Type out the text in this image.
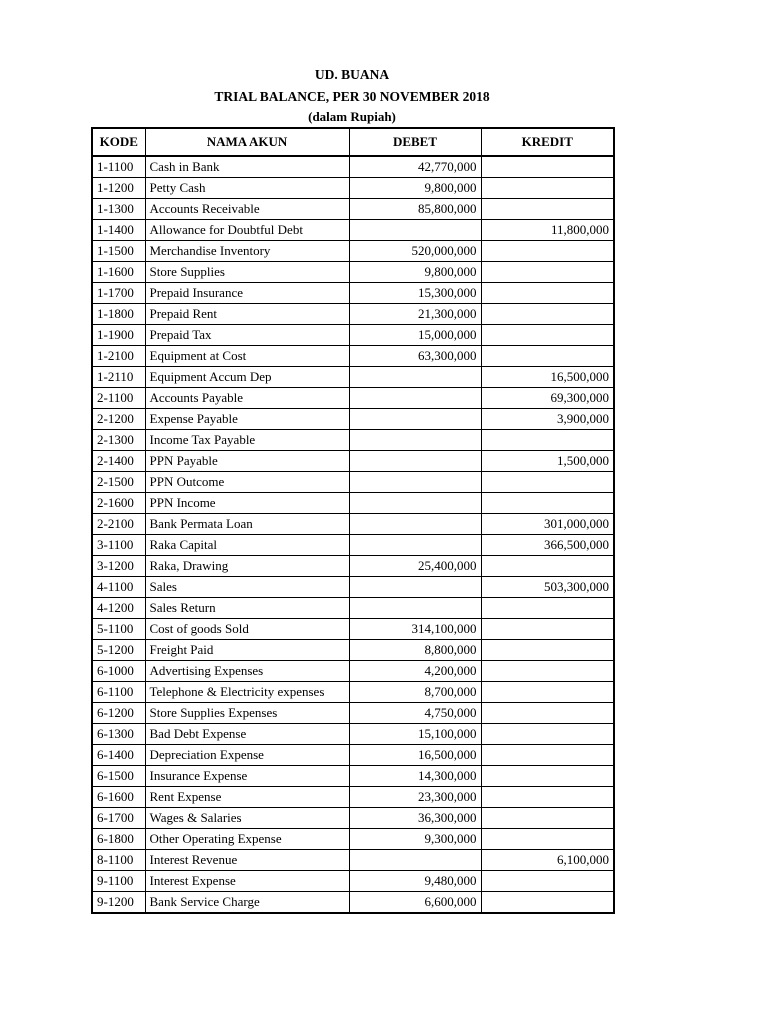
UD. BUANA
TRIAL BALANCE, PER 30 NOVEMBER 2018
(dalam Rupiah)
KODE	NAMA AKUN	DEBET	KREDIT
1-1100	Cash in Bank	42,770,000	
1-1200	Petty Cash	9,800,000	
1-1300	Accounts Receivable	85,800,000	
1-1400	Allowance for Doubtful Debt		11,800,000
1-1500	Merchandise Inventory	520,000,000	
1-1600	Store Supplies	9,800,000	
1-1700	Prepaid Insurance	15,300,000	
1-1800	Prepaid Rent	21,300,000	
1-1900	Prepaid Tax	15,000,000	
1-2100	Equipment at Cost	63,300,000	
1-2110	Equipment Accum Dep		16,500,000
2-1100	Accounts Payable		69,300,000
2-1200	Expense Payable		3,900,000
2-1300	Income Tax Payable		
2-1400	PPN Payable		1,500,000
2-1500	PPN Outcome		
2-1600	PPN Income		
2-2100	Bank Permata Loan		301,000,000
3-1100	Raka Capital		366,500,000
3-1200	Raka, Drawing	25,400,000	
4-1100	Sales		503,300,000
4-1200	Sales Return		
5-1100	Cost of goods Sold	314,100,000	
5-1200	Freight Paid	8,800,000	
6-1000	Advertising Expenses	4,200,000	
6-1100	Telephone & Electricity expenses	8,700,000	
6-1200	Store Supplies Expenses	4,750,000	
6-1300	Bad Debt Expense	15,100,000	
6-1400	Depreciation Expense	16,500,000	
6-1500	Insurance Expense	14,300,000	
6-1600	Rent Expense	23,300,000	
6-1700	Wages & Salaries	36,300,000	
6-1800	Other Operating Expense	9,300,000	
8-1100	Interest Revenue		6,100,000
9-1100	Interest Expense	9,480,000	
9-1200	Bank Service Charge	6,600,000	
